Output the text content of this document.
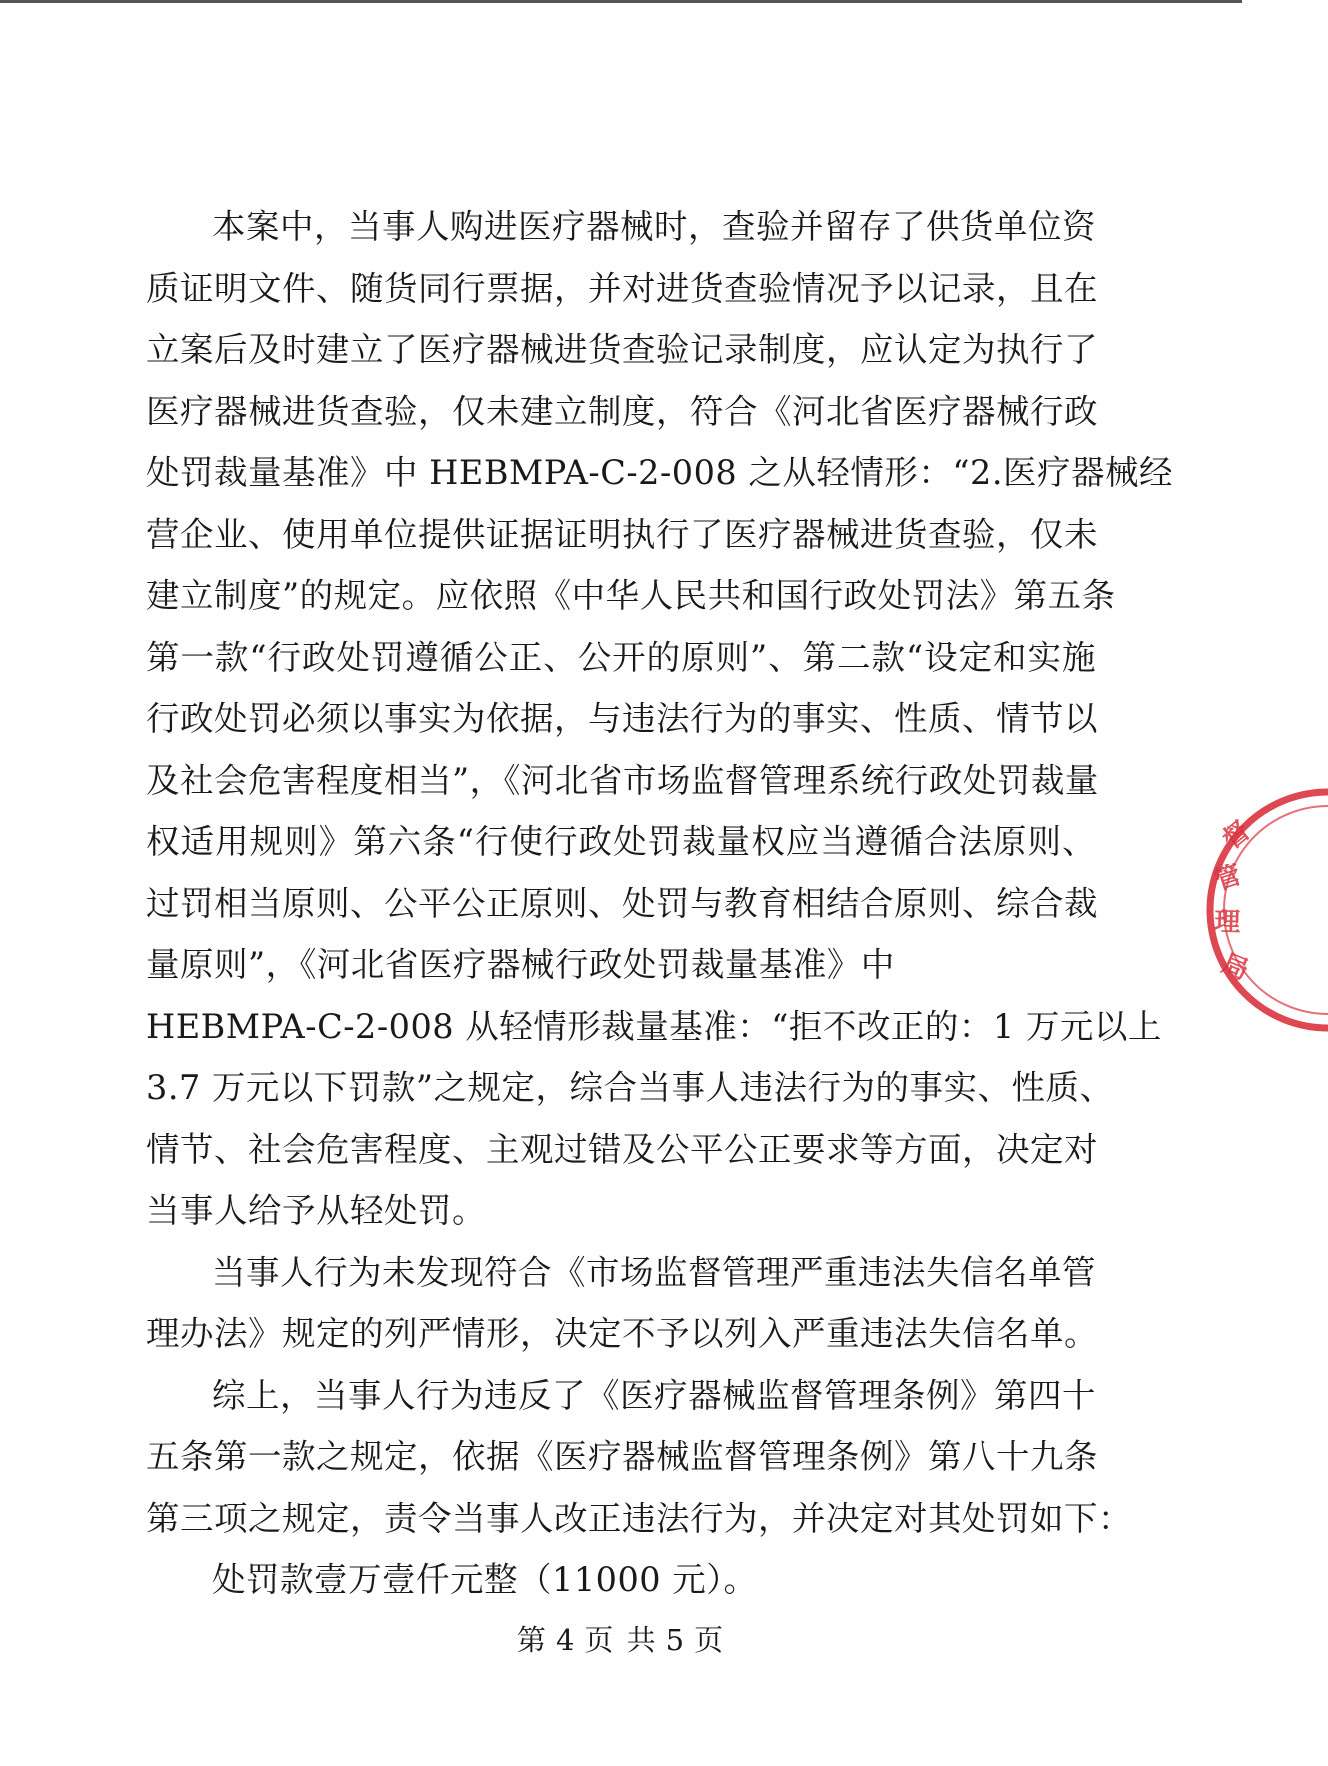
本案中，当事人购进医疗器械时，查验并留存了供货单位资
质证明文件、随货同行票据，并对进货查验情况予以记录，且在
立案后及时建立了医疗器械进货查验记录制度，应认定为执行了
医疗器械进货查验，仅未建立制度，符合《河北省医疗器械行政
处罚裁量基准》中 HEBMPA-C-2-008 之从轻情形：“2.医疗器械经
营企业、使用单位提供证据证明执行了医疗器械进货查验，仅未
建立制度”的规定。应依照《中华人民共和国行政处罚法》第五条
第一款“行政处罚遵循公正、公开的原则”、第二款“设定和实施
行政处罚必须以事实为依据，与违法行为的事实、性质、情节以
及社会危害程度相当”，《河北省市场监督管理系统行政处罚裁量
权适用规则》第六条“行使行政处罚裁量权应当遵循合法原则、
过罚相当原则、公平公正原则、处罚与教育相结合原则、综合裁
量原则”，《河北省医疗器械行政处罚裁量基准》中
HEBMPA-C-2-008 从轻情形裁量基准：“拒不改正的：1 万元以上
3.7 万元以下罚款”之规定，综合当事人违法行为的事实、性质、
情节、社会危害程度、主观过错及公平公正要求等方面，决定对
当事人给予从轻处罚。
当事人行为未发现符合《市场监督管理严重违法失信名单管
理办法》规定的列严情形，决定不予以列入严重违法失信名单。
综上，当事人行为违反了《医疗器械监督管理条例》第四十
五条第一款之规定，依据《医疗器械监督管理条例》第八十九条
第三项之规定，责令当事人改正违法行为，并决定对其处罚如下：
处罚款壹万壹仟元整（11000 元）。
第 4 页 共 5 页
督
管
理
局
